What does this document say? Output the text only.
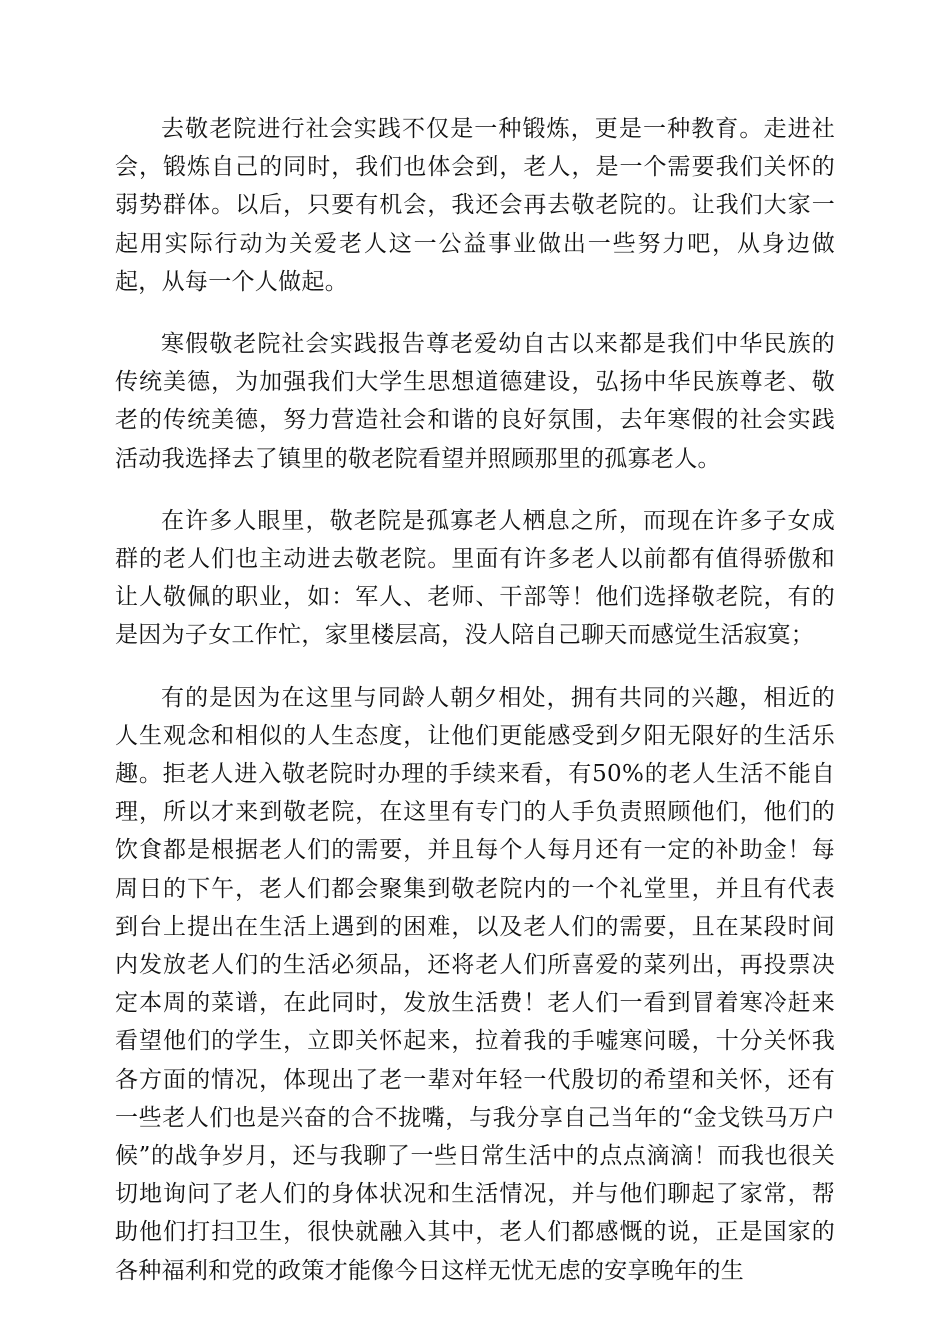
去敬老院进行社会实践不仅是一种锻炼，更是一种教育。走进社会，锻炼自己的同时，我们也体会到，老人，是一个需要我们关怀的弱势群体。以后，只要有机会，我还会再去敬老院的。让我们大家一起用实际行动为关爱老人这一公益事业做出一些努力吧，从身边做起，从每一个人做起。

寒假敬老院社会实践报告尊老爱幼自古以来都是我们中华民族的传统美德，为加强我们大学生思想道德建设，弘扬中华民族尊老、敬老的传统美德，努力营造社会和谐的良好氛围，去年寒假的社会实践活动我选择去了镇里的敬老院看望并照顾那里的孤寡老人。

在许多人眼里，敬老院是孤寡老人栖息之所，而现在许多子女成群的老人们也主动进去敬老院。里面有许多老人以前都有值得骄傲和让人敬佩的职业，如：军人、老师、干部等！他们选择敬老院，有的是因为子女工作忙，家里楼层高，没人陪自己聊天而感觉生活寂寞；

有的是因为在这里与同龄人朝夕相处，拥有共同的兴趣，相近的人生观念和相似的人生态度，让他们更能感受到夕阳无限好的生活乐趣。拒老人进入敬老院时办理的手续来看，有50%的老人生活不能自理，所以才来到敬老院，在这里有专门的人手负责照顾他们，他们的饮食都是根据老人们的需要，并且每个人每月还有一定的补助金！每周日的下午，老人们都会聚集到敬老院内的一个礼堂里，并且有代表到台上提出在生活上遇到的困难，以及老人们的需要，且在某段时间内发放老人们的生活必须品，还将老人们所喜爱的菜列出，再投票决定本周的菜谱，在此同时，发放生活费！老人们一看到冒着寒冷赶来看望他们的学生，立即关怀起来，拉着我的手嘘寒问暖，十分关怀我各方面的情况，体现出了老一辈对年轻一代殷切的希望和关怀，还有一些老人们也是兴奋的合不拢嘴，与我分享自己当年的“金戈铁马万户候”的战争岁月，还与我聊了一些日常生活中的点点滴滴！而我也很关切地询问了老人们的身体状况和生活情况，并与他们聊起了家常，帮助他们打扫卫生，很快就融入其中，老人们都感慨的说，正是国家的各种福利和党的政策才能像今日这样无忧无虑的安享晚年的生
